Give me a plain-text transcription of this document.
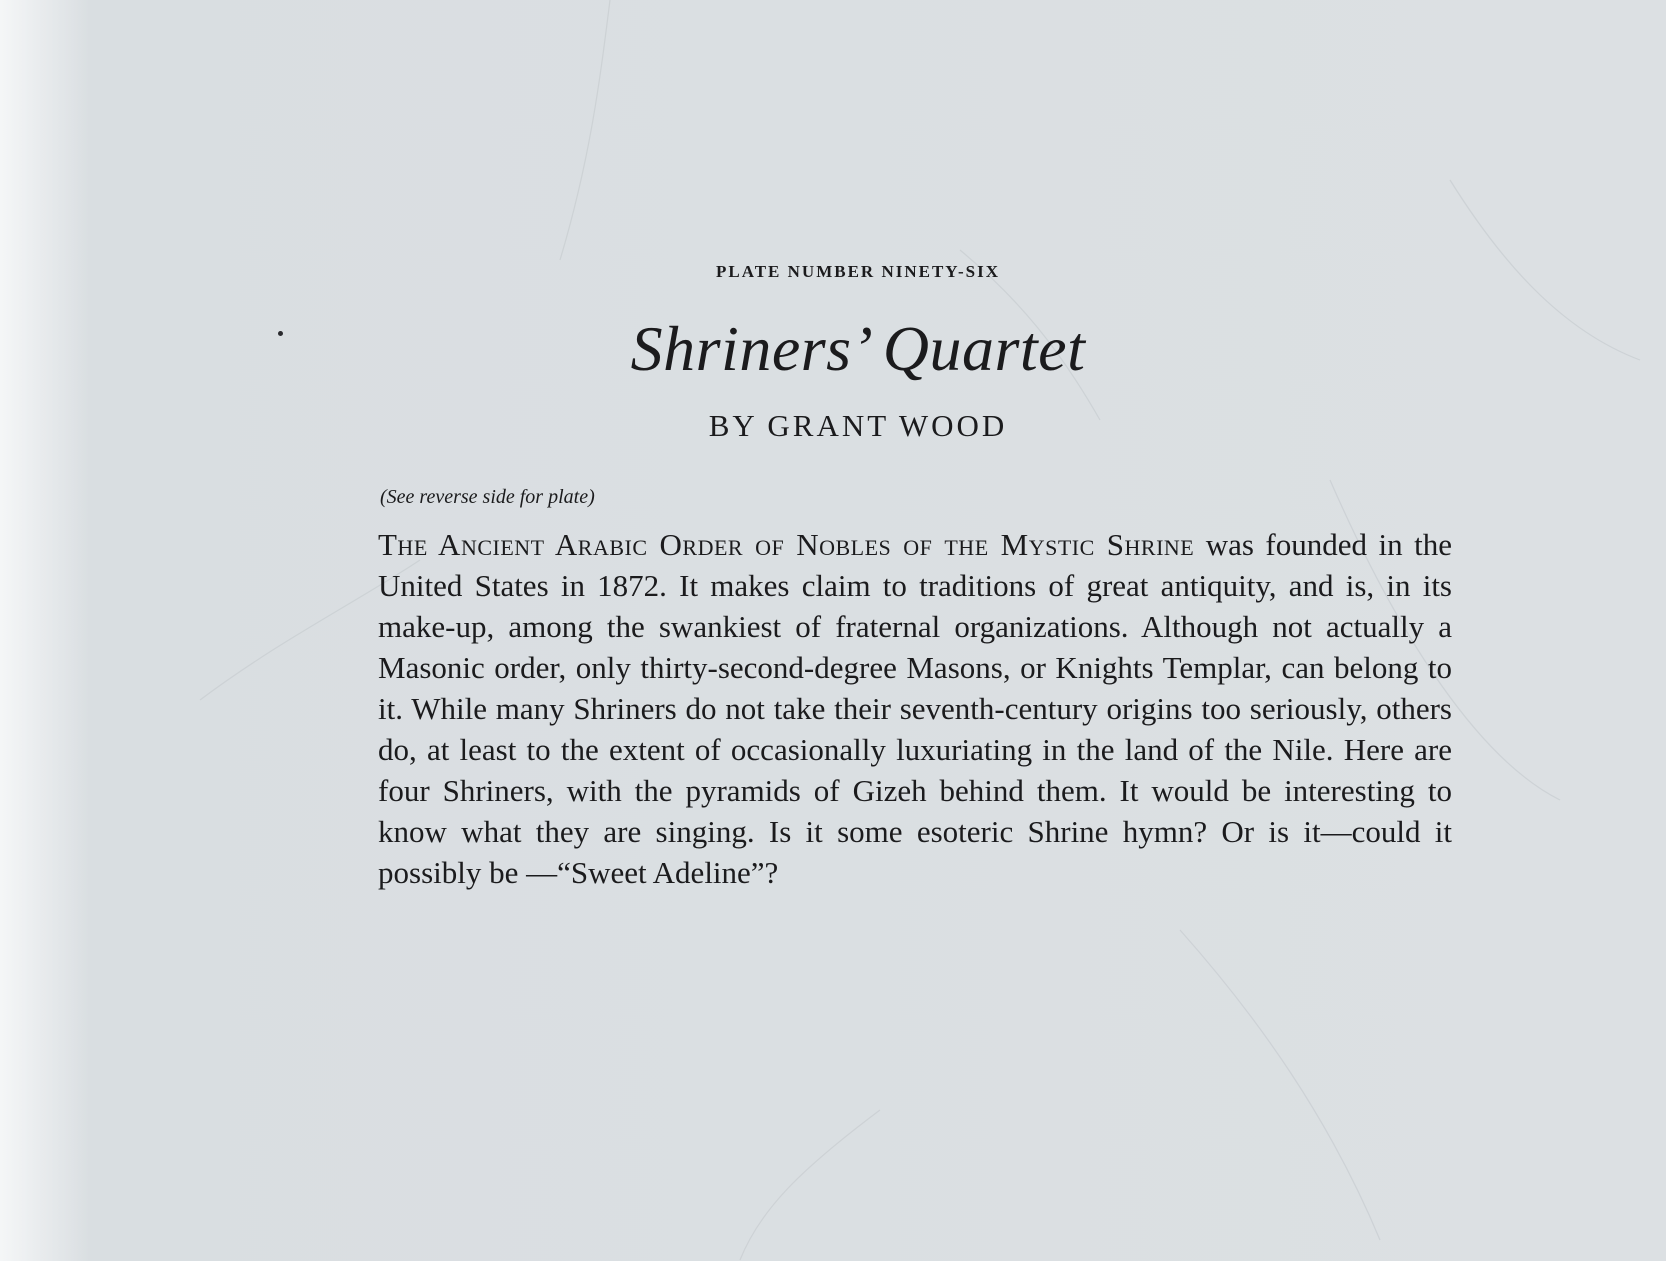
PLATE NUMBER NINETY-SIX
Shriners’ Quartet
BY GRANT WOOD
(See reverse side for plate)

The Ancient Arabic Order of Nobles of the Mystic Shrine was founded in the United States in 1872. It makes claim to traditions of great antiquity, and is, in its make-up, among the swankiest of fraternal organizations. Although not actually a Masonic order, only thirty-second-degree Masons, or Knights Templar, can belong to it. While many Shriners do not take their seventh-century origins too seriously, others do, at least to the extent of occasionally luxuriating in the land of the Nile. Here are four Shriners, with the pyramids of Gizeh behind them. It would be interesting to know what they are singing. Is it some esoteric Shrine hymn? Or is it—could it possibly be —“Sweet Adeline”?
